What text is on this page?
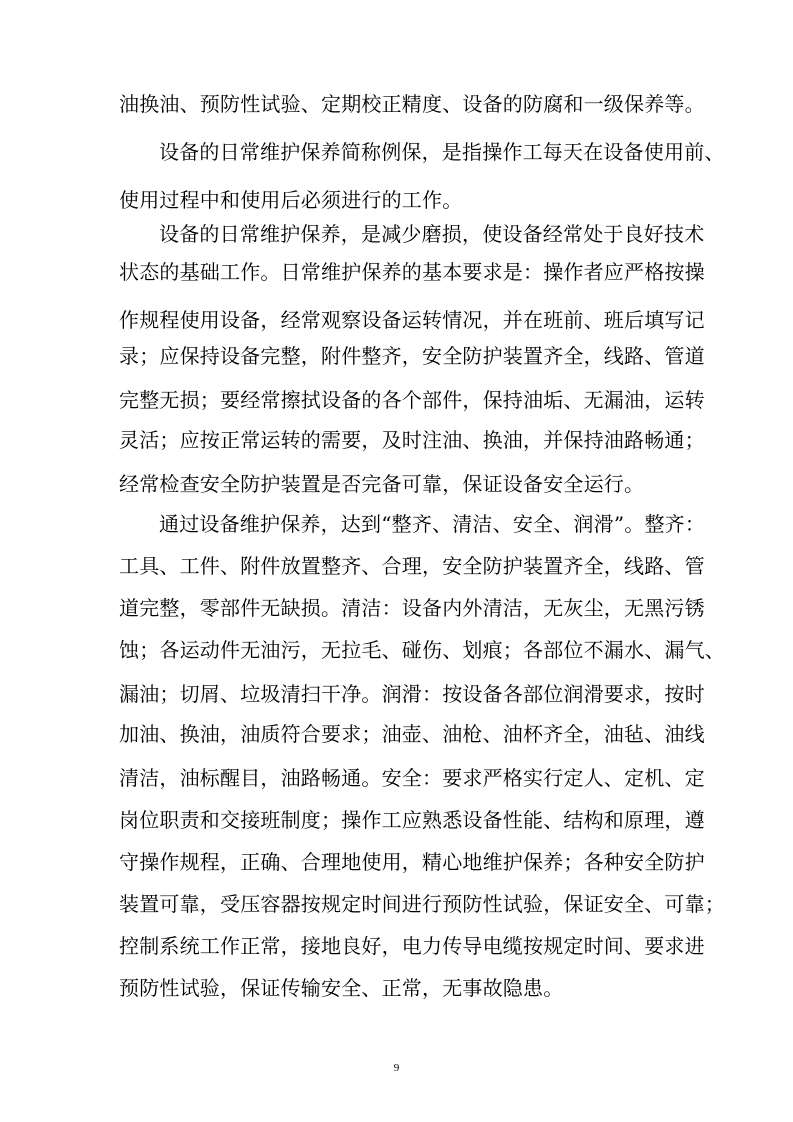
油换油、预防性试验、定期校正精度、设备的防腐和一级保养等。
设备的日常维护保养简称例保，是指操作工每天在设备使用前、
使用过程中和使用后必须进行的工作。
设备的日常维护保养，是减少磨损，使设备经常处于良好技术
状态的基础工作。日常维护保养的基本要求是：操作者应严格按操
作规程使用设备，经常观察设备运转情况，并在班前、班后填写记
录；应保持设备完整，附件整齐，安全防护装置齐全，线路、管道
完整无损；要经常擦拭设备的各个部件，保持油垢、无漏油，运转
灵活；应按正常运转的需要，及时注油、换油，并保持油路畅通；
经常检查安全防护装置是否完备可靠，保证设备安全运行。
通过设备维护保养，达到“整齐、清洁、安全、润滑”。整齐：
工具、工件、附件放置整齐、合理，安全防护装置齐全，线路、管
道完整，零部件无缺损。清洁：设备内外清洁，无灰尘，无黑污锈
蚀；各运动件无油污，无拉毛、碰伤、划痕；各部位不漏水、漏气、
漏油；切屑、垃圾清扫干净。润滑：按设备各部位润滑要求，按时
加油、换油，油质符合要求；油壶、油枪、油杯齐全，油毡、油线
清洁，油标醒目，油路畅通。安全：要求严格实行定人、定机、定
岗位职责和交接班制度；操作工应熟悉设备性能、结构和原理，遵
守操作规程，正确、合理地使用，精心地维护保养；各种安全防护
装置可靠，受压容器按规定时间进行预防性试验，保证安全、可靠；
控制系统工作正常，接地良好，电力传导电缆按规定时间、要求进
预防性试验，保证传输安全、正常，无事故隐患。
9
